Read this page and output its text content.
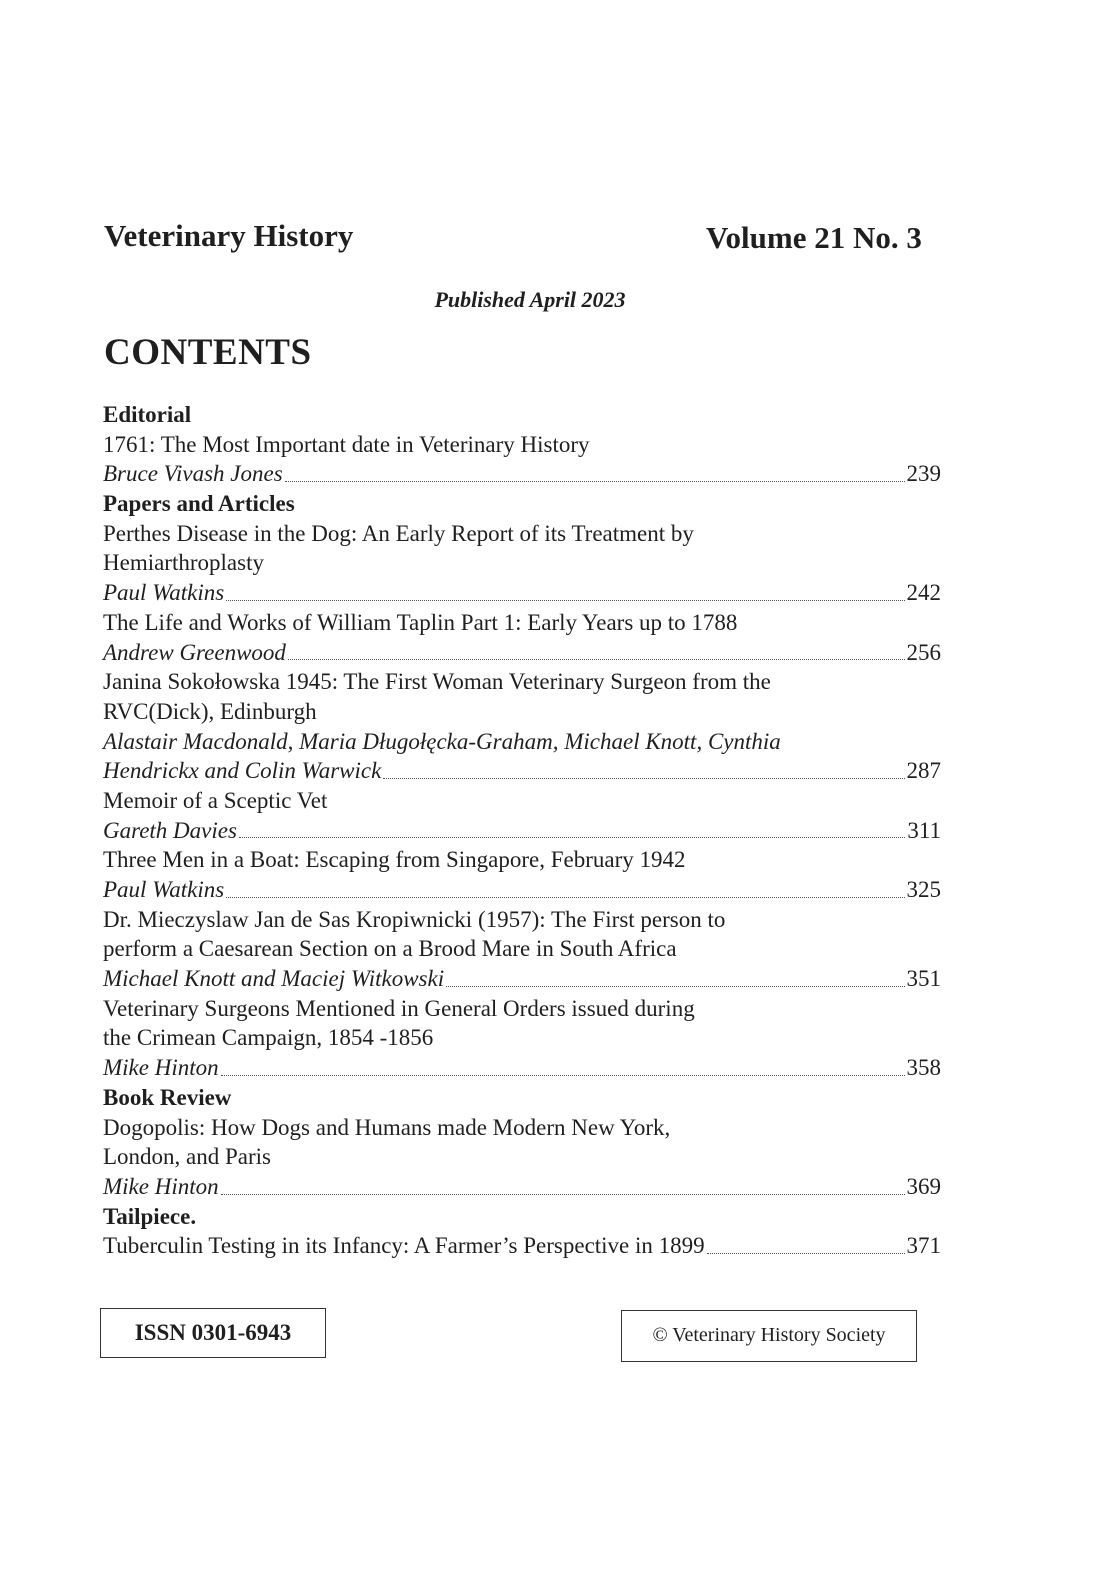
Veterinary History	Volume 21 No. 3
Published April 2023
CONTENTS
Editorial
1761: The Most Important date in Veterinary History
Bruce Vivash Jones	239
Papers and Articles
Perthes Disease in the Dog: An Early Report of its Treatment by
Hemiarthroplasty
Paul Watkins	242
The Life and Works of William Taplin Part 1: Early Years up to 1788
Andrew Greenwood	256
Janina Sokołowska 1945: The First Woman Veterinary Surgeon from the
RVC(Dick), Edinburgh
Alastair Macdonald, Maria Długołęcka-Graham, Michael Knott, Cynthia
Hendrickx and Colin Warwick	287
Memoir of a Sceptic Vet
Gareth Davies	311
Three Men in a Boat: Escaping from Singapore, February 1942
Paul Watkins	325
Dr. Mieczyslaw Jan de Sas Kropiwnicki (1957): The First person to
perform a Caesarean Section on a Brood Mare in South Africa
Michael Knott and Maciej Witkowski	351
Veterinary Surgeons Mentioned in General Orders issued during
the Crimean Campaign, 1854 -1856
Mike Hinton	358
Book Review
Dogopolis: How Dogs and Humans made Modern New York,
London, and Paris
Mike Hinton	369
Tailpiece.
Tuberculin Testing in its Infancy: A Farmer’s Perspective in 1899	371
ISSN 0301-6943	© Veterinary History Society
